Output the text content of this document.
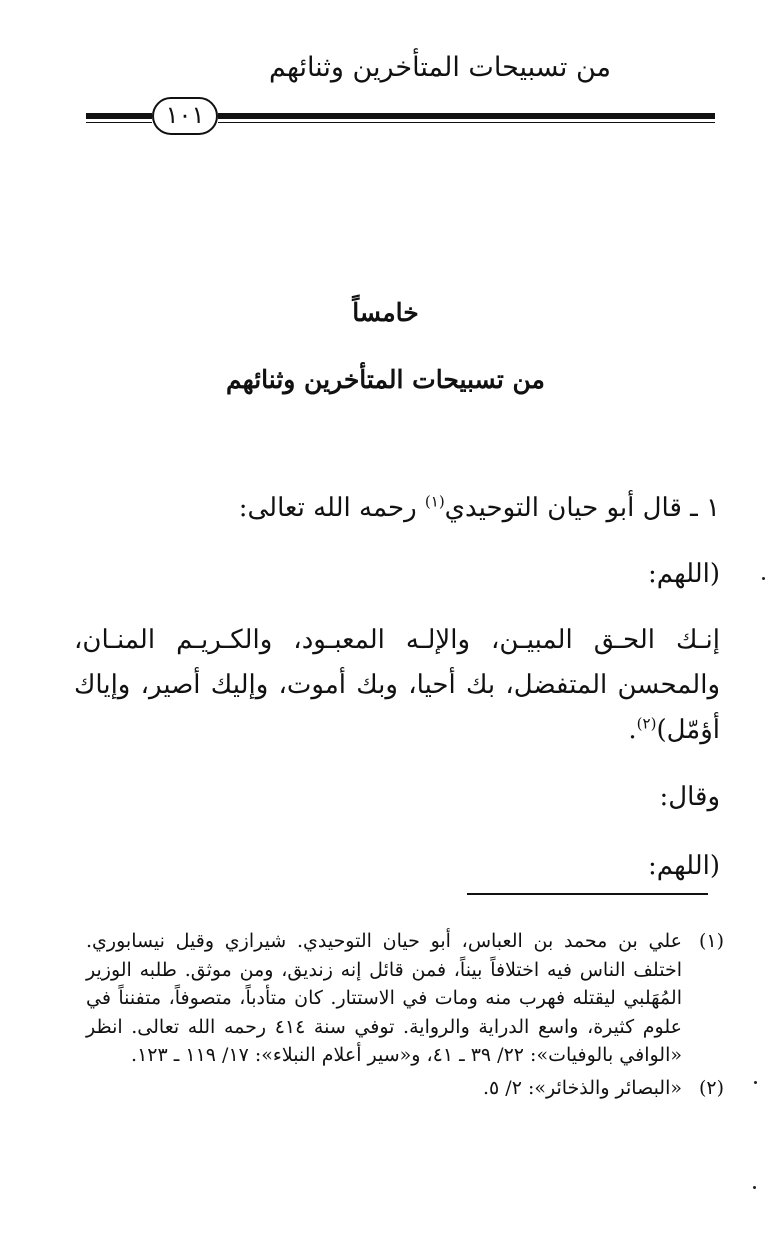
من تسبيحات المتأخرين وثنائهم
١٠١
خامساً
من تسبيحات المتأخرين وثنائهم

١ ـ قال أبو حيان التوحيدي$^{(١)}$ رحمه الله تعالى:

(اللهم:

إنـك الحـق المبيـن، والإلـه المعبـود، والكـريـم المنـان، والمحسن المتفضل، بك أحيا، وبك أموت، وإليك أصير، وإياك أؤمّل)$^{(٢)}$.

وقال:

(اللهم:

(١)
علي بن محمد بن العباس، أبو حيان التوحيدي. شيرازي وقيل نيسابوري. اختلف الناس فيه اختلافاً بيناً، فمن قائل إنه زنديق، ومن موثق. طلبه الوزير المُهَلبي ليقتله فهرب منه ومات في الاستتار. كان متأدباً، متصوفاً، متفنناً في علوم كثيرة، واسع الدراية والرواية. توفي سنة ٤١٤ رحمه الله تعالى. انظر «الوافي بالوفيات»: ٢٢/ ٣٩ ـ ٤١، و«سير أعلام النبلاء»: ١٧/ ١١٩ ـ ١٢٣.
(٢)
«البصائر والذخائر»: ٢/ ٥.
